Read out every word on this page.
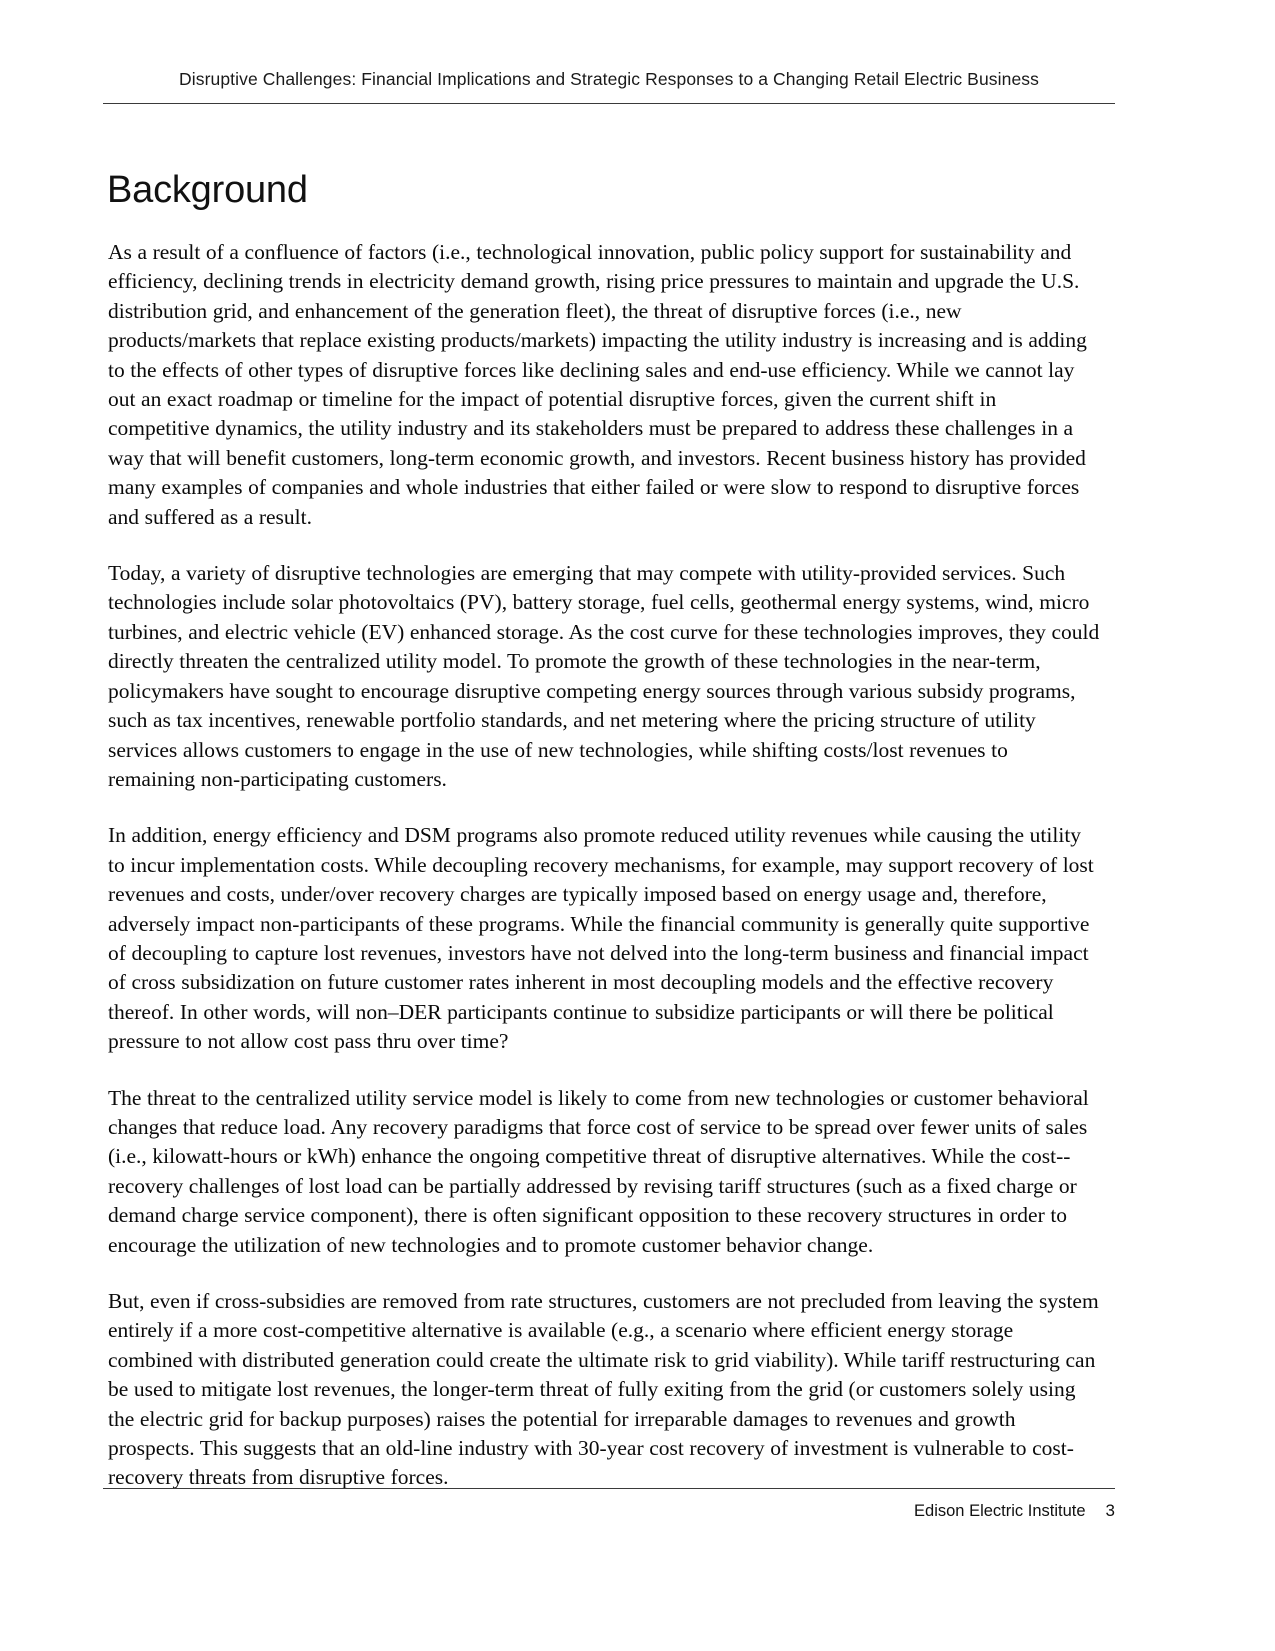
Disruptive Challenges: Financial Implications and Strategic Responses to a Changing Retail Electric Business
Background

As a result of a confluence of factors (i.e., technological innovation, public policy support for sustainability and efficiency, declining trends in electricity demand growth, rising price pressures to maintain and upgrade the U.S. distribution grid, and enhancement of the generation fleet), the threat of disruptive forces (i.e., new products/markets that replace existing products/markets) impacting the utility industry is increasing and is adding to the effects of other types of disruptive forces like declining sales and end-use efficiency. While we cannot lay out an exact roadmap or timeline for the impact of potential disruptive forces, given the current shift in competitive dynamics, the utility industry and its stakeholders must be prepared to address these challenges in a way that will benefit customers, long-term economic growth, and investors. Recent business history has provided many examples of companies and whole industries that either failed or were slow to respond to disruptive forces and suffered as a result.

Today, a variety of disruptive technologies are emerging that may compete with utility-provided services. Such technologies include solar photovoltaics (PV), battery storage, fuel cells, geothermal energy systems, wind, micro turbines, and electric vehicle (EV) enhanced storage. As the cost curve for these technologies improves, they could directly threaten the centralized utility model. To promote the growth of these technologies in the near-term, policymakers have sought to encourage disruptive competing energy sources through various subsidy programs, such as tax incentives, renewable portfolio standards, and net metering where the pricing structure of utility services allows customers to engage in the use of new technologies, while shifting costs/lost revenues to remaining non-participating customers.

In addition, energy efficiency and DSM programs also promote reduced utility revenues while causing the utility to incur implementation costs. While decoupling recovery mechanisms, for example, may support recovery of lost revenues and costs, under/over recovery charges are typically imposed based on energy usage and, therefore, adversely impact non-participants of these programs. While the financial community is generally quite supportive of decoupling to capture lost revenues, investors have not delved into the long-term business and financial impact of cross subsidization on future customer rates inherent in most decoupling models and the effective recovery thereof. In other words, will non–DER participants continue to subsidize participants or will there be political pressure to not allow cost pass thru over time?

The threat to the centralized utility service model is likely to come from new technologies or customer behavioral changes that reduce load. Any recovery paradigms that force cost of service to be spread over fewer units of sales (i.e., kilowatt-hours or kWh) enhance the ongoing competitive threat of disruptive alternatives. While the cost--recovery challenges of lost load can be partially addressed by revising tariff structures (such as a fixed charge or demand charge service component), there is often significant opposition to these recovery structures in order to encourage the utilization of new technologies and to promote customer behavior change.

But, even if cross-subsidies are removed from rate structures, customers are not precluded from leaving the system entirely if a more cost-competitive alternative is available (e.g., a scenario where efficient energy storage combined with distributed generation could create the ultimate risk to grid viability). While tariff restructuring can be used to mitigate lost revenues, the longer-term threat of fully exiting from the grid (or customers solely using the electric grid for backup purposes) raises the potential for irreparable damages to revenues and growth prospects. This suggests that an old-line industry with 30-year cost recovery of investment is vulnerable to cost-recovery threats from disruptive forces.

Edison Electric Institute 3
